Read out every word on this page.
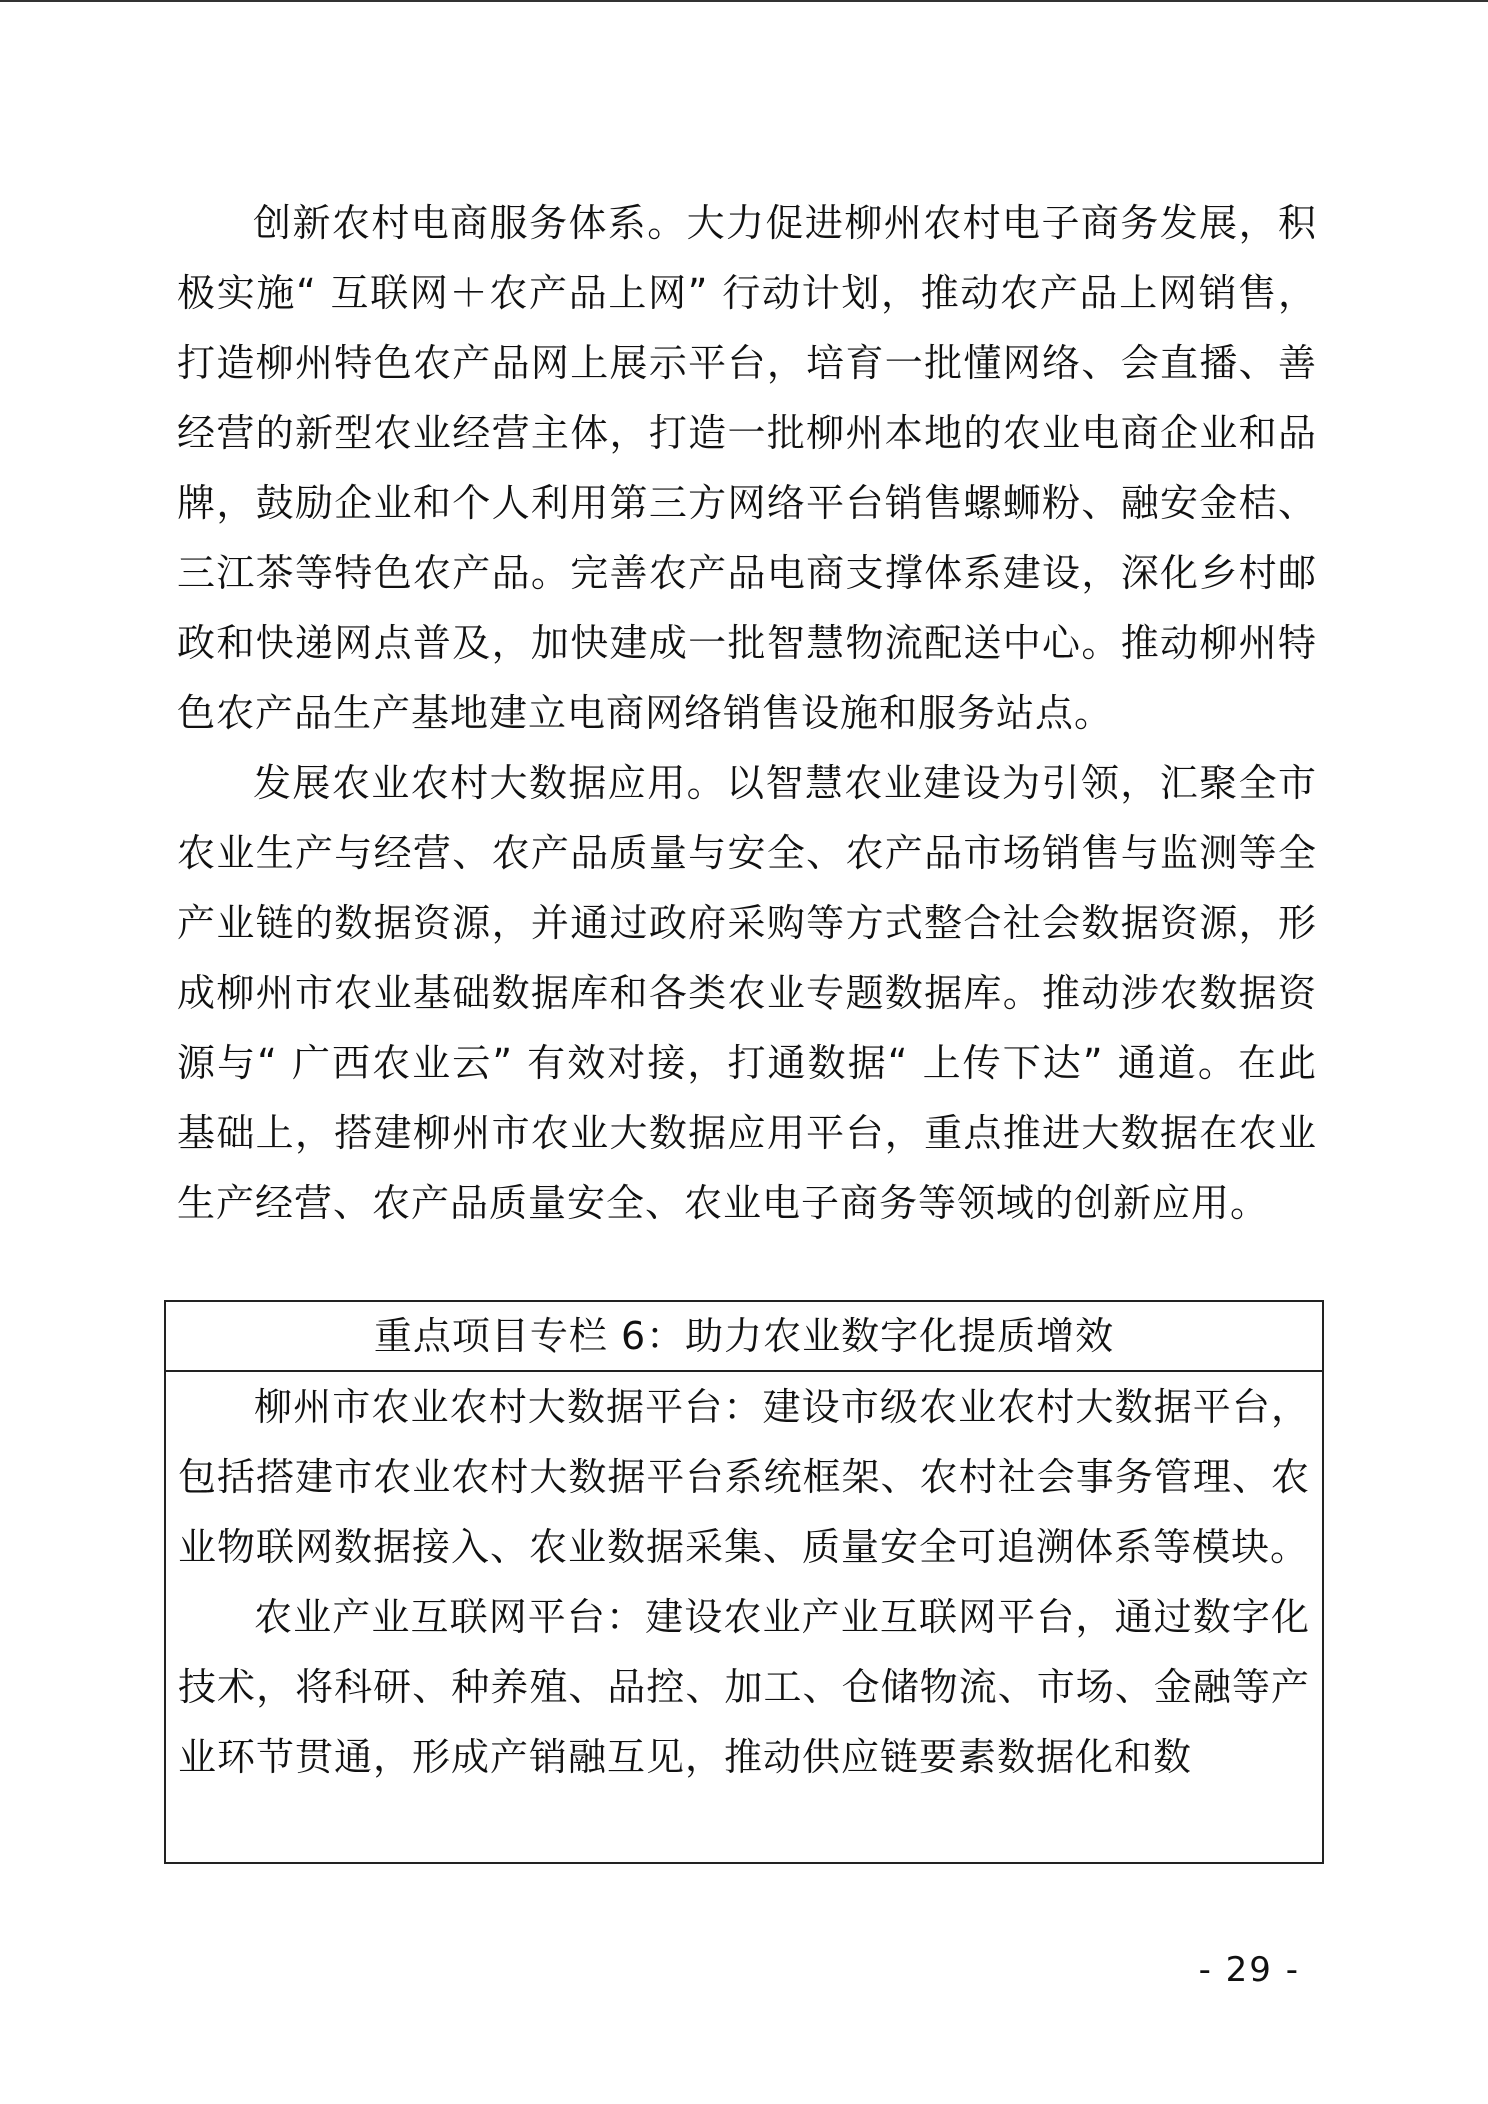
创新农村电商服务体系。大力促进柳州农村电子商务发展，积极实施“ 互联网＋农产品上网” 行动计划，推动农产品上网销售，打造柳州特色农产品网上展示平台，培育一批懂网络、会直播、善经营的新型农业经营主体，打造一批柳州本地的农业电商企业和品牌，鼓励企业和个人利用第三方网络平台销售螺蛳粉、融安金桔、三江茶等特色农产品。完善农产品电商支撑体系建设，深化乡村邮政和快递网点普及，加快建成一批智慧物流配送中心。推动柳州特色农产品生产基地建立电商网络销售设施和服务站点。

发展农业农村大数据应用。以智慧农业建设为引领，汇聚全市农业生产与经营、农产品质量与安全、农产品市场销售与监测等全产业链的数据资源，并通过政府采购等方式整合社会数据资源，形成柳州市农业基础数据库和各类农业专题数据库。推动涉农数据资源与“ 广西农业云” 有效对接，打通数据“ 上传下达” 通道。在此基础上，搭建柳州市农业大数据应用平台，重点推进大数据在农业生产经营、农产品质量安全、农业电子商务等领域的创新应用。

重点项目专栏 6：助力农业数字化提质增效

柳州市农业农村大数据平台：建设市级农业农村大数据平台，包括搭建市农业农村大数据平台系统框架、农村社会事务管理、农业物联网数据接入、农业数据采集、质量安全可追溯体系等模块。

农业产业互联网平台：建设农业产业互联网平台，通过数字化技术，将科研、种养殖、品控、加工、仓储物流、市场、金融等产业环节贯通，形成产销融互见，推动供应链要素数据化和数

- 29 -
